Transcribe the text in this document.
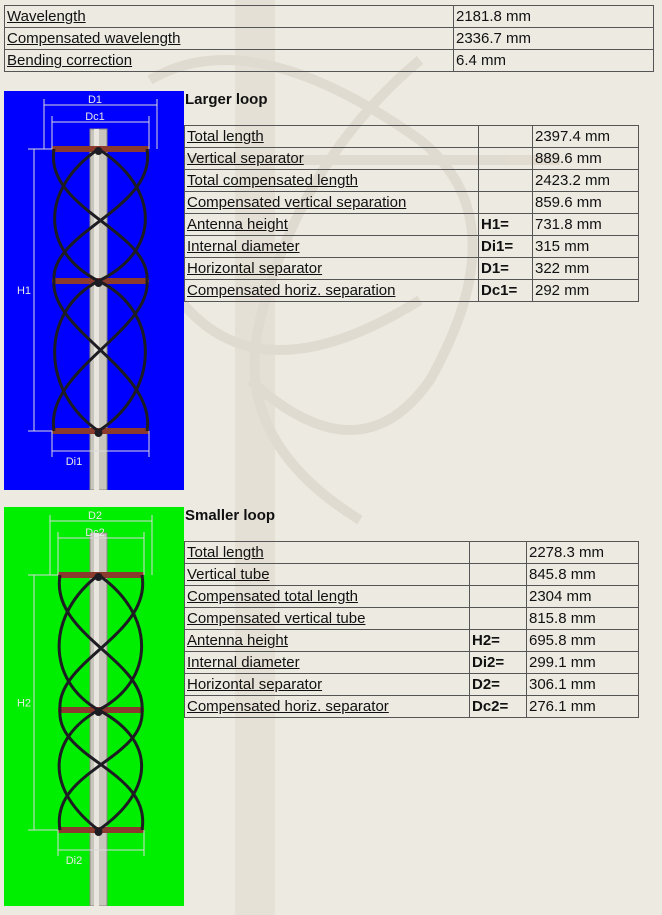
Wavelength	2181.8 mm
Compensated wavelength	2336.7 mm
Bending correction	6.4 mm
D1
Dc1
H1
Di1
Larger loop
Total length		2397.4 mm
Vertical separator		889.6 mm
Total compensated length		2423.2 mm
Compensated vertical separation		859.6 mm
Antenna height	H1=	731.8 mm
Internal diameter	Di1=	315 mm
Horizontal separator	D1=	322 mm
Compensated horiz. separation	Dc1=	292 mm
D2
Dc2
H2
Di2
Smaller loop
Total length		2278.3 mm
Vertical tube		845.8 mm
Compensated total length		2304 mm
Compensated vertical tube		815.8 mm
Antenna height	H2=	695.8 mm
Internal diameter	Di2=	299.1 mm
Horizontal separator	D2=	306.1 mm
Compensated horiz. separator	Dc2=	276.1 mm
